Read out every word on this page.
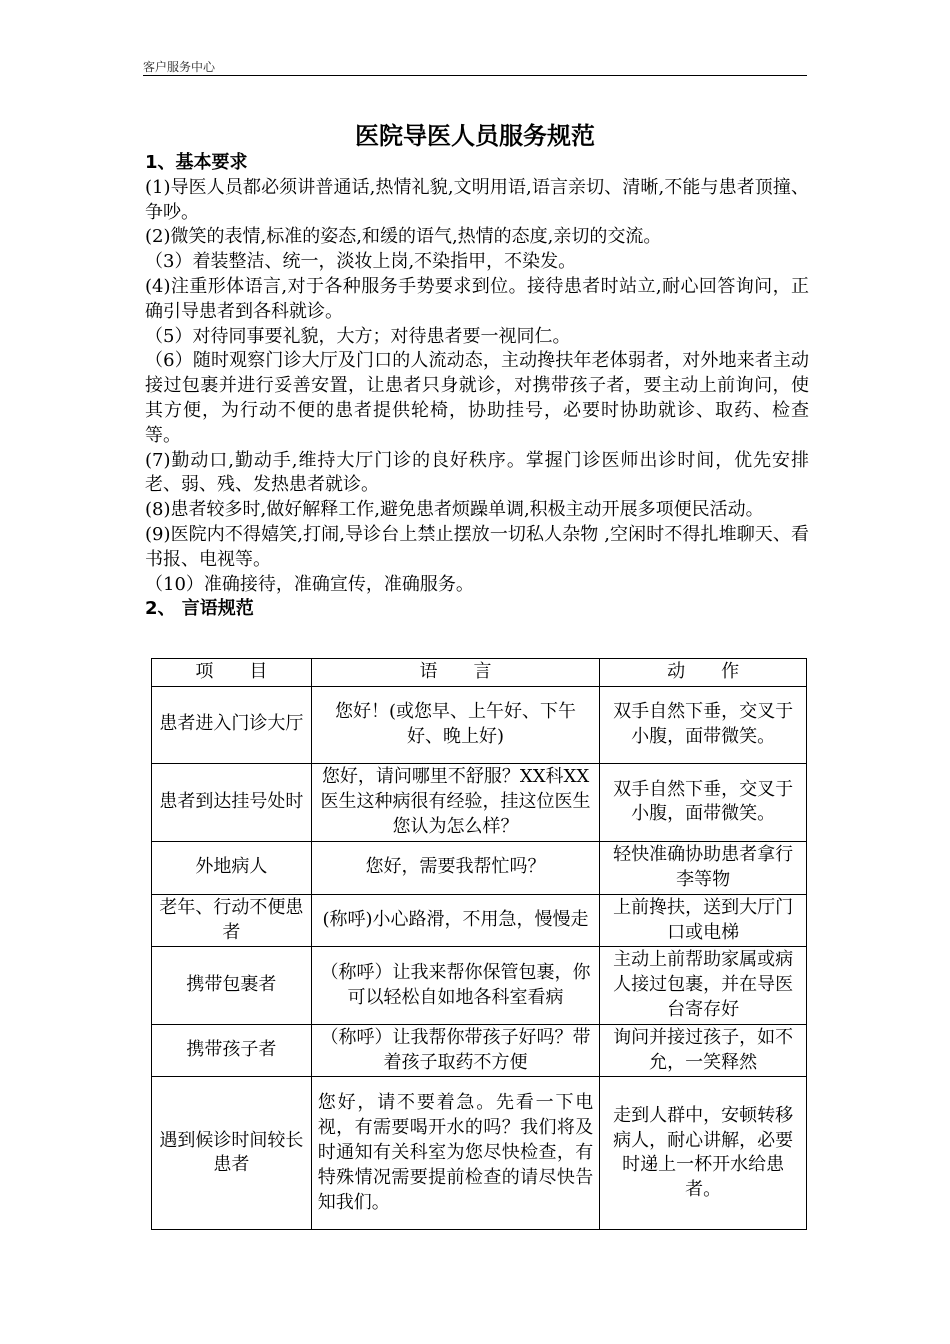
客户服务中心
医院导医人员服务规范

1、基本要求

(1)导医人员都必须讲普通话,热情礼貌,文明用语,语言亲切、清晰,不能与患者顶撞、争吵。

(2)微笑的表情,标准的姿态,和缓的语气,热情的态度,亲切的交流。

（3）着装整洁、统一，淡妆上岗,不染指甲，不染发。

(4)注重形体语言,对于各种服务手势要求到位。接待患者时站立,耐心回答询问，正确引导患者到各科就诊。

（5）对待同事要礼貌，大方；对待患者要一视同仁。

（6）随时观察门诊大厅及门口的人流动态，主动搀扶年老体弱者，对外地来者主动接过包裹并进行妥善安置，让患者只身就诊，对携带孩子者，要主动上前询问，使其方便，为行动不便的患者提供轮椅，协助挂号，必要时协助就诊、取药、检查等。

(7)勤动口,勤动手,维持大厅门诊的良好秩序。掌握门诊医师出诊时间，优先安排老、弱、残、发热患者就诊。

(8)患者较多时,做好解释工作,避免患者烦躁单调,积极主动开展多项便民活动。

(9)医院内不得嬉笑,打闹,导诊台上禁止摆放一切私人杂物 ,空闲时不得扎堆聊天、看书报、电视等。

（10）准确接待，准确宣传，准确服务。

2、 言语规范

项　　目	语　　言	动　　作
患者进入门诊大厅	您好！(或您早、上午好、下午好、晚上好)	双手自然下垂，交叉于小腹，面带微笑。
患者到达挂号处时	您好，请问哪里不舒服？XX科XX医生这种病很有经验，挂这位医生您认为怎么样？	双手自然下垂，交叉于小腹，面带微笑。
外地病人	您好，需要我帮忙吗？	轻快准确协助患者拿行李等物
老年、行动不便患者	(称呼)小心路滑，不用急，慢慢走	上前搀扶，送到大厅门口或电梯
携带包裹者	（称呼）让我来帮你保管包裹，你可以轻松自如地各科室看病	主动上前帮助家属或病人接过包裹，并在导医台寄存好
携带孩子者	（称呼）让我帮你带孩子好吗？带着孩子取药不方便	询问并接过孩子，如不允，一笑释然
遇到候诊时间较长患者	您好，请不要着急。先看一下电视，有需要喝开水的吗？我们将及时通知有关科室为您尽快检查，有特殊情况需要提前检查的请尽快告知我们。	走到人群中，安顿转移病人，耐心讲解，必要时递上一杯开水给患者。
